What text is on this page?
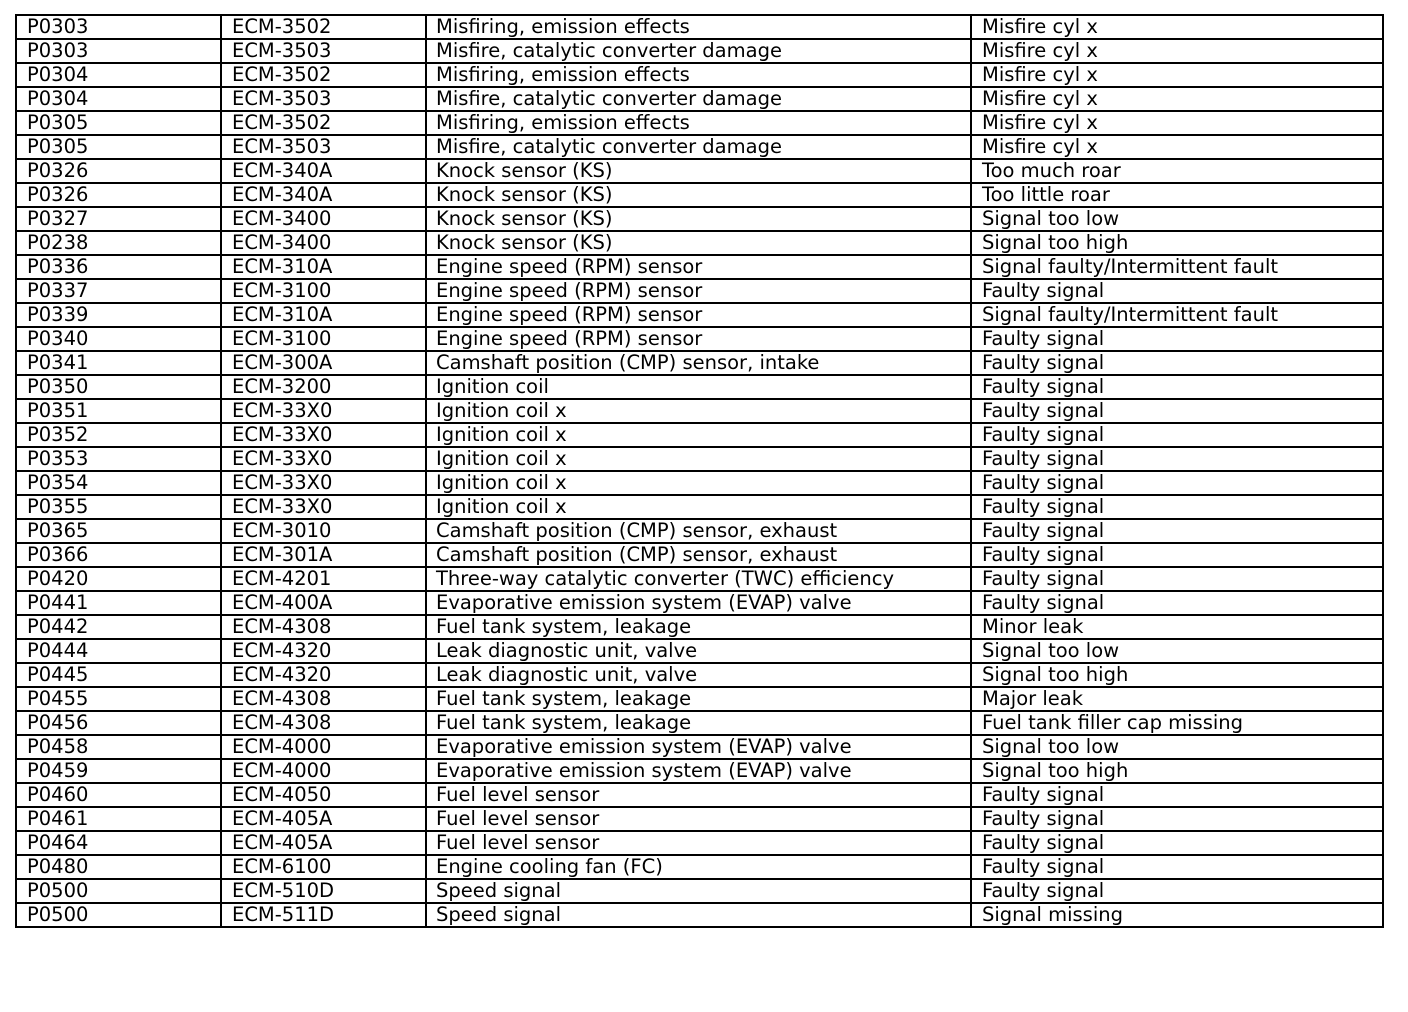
P0303	ECM-3502	Misfiring, emission effects	Misfire cyl x
P0303	ECM-3503	Misfire, catalytic converter damage	Misfire cyl x
P0304	ECM-3502	Misfiring, emission effects	Misfire cyl x
P0304	ECM-3503	Misfire, catalytic converter damage	Misfire cyl x
P0305	ECM-3502	Misfiring, emission effects	Misfire cyl x
P0305	ECM-3503	Misfire, catalytic converter damage	Misfire cyl x
P0326	ECM-340A	Knock sensor (KS)	Too much roar
P0326	ECM-340A	Knock sensor (KS)	Too little roar
P0327	ECM-3400	Knock sensor (KS)	Signal too low
P0238	ECM-3400	Knock sensor (KS)	Signal too high
P0336	ECM-310A	Engine speed (RPM) sensor	Signal faulty/Intermittent fault
P0337	ECM-3100	Engine speed (RPM) sensor	Faulty signal
P0339	ECM-310A	Engine speed (RPM) sensor	Signal faulty/Intermittent fault
P0340	ECM-3100	Engine speed (RPM) sensor	Faulty signal
P0341	ECM-300A	Camshaft position (CMP) sensor, intake	Faulty signal
P0350	ECM-3200	Ignition coil	Faulty signal
P0351	ECM-33X0	Ignition coil x	Faulty signal
P0352	ECM-33X0	Ignition coil x	Faulty signal
P0353	ECM-33X0	Ignition coil x	Faulty signal
P0354	ECM-33X0	Ignition coil x	Faulty signal
P0355	ECM-33X0	Ignition coil x	Faulty signal
P0365	ECM-3010	Camshaft position (CMP) sensor, exhaust	Faulty signal
P0366	ECM-301A	Camshaft position (CMP) sensor, exhaust	Faulty signal
P0420	ECM-4201	Three-way catalytic converter (TWC) efficiency	Faulty signal
P0441	ECM-400A	Evaporative emission system (EVAP) valve	Faulty signal
P0442	ECM-4308	Fuel tank system, leakage	Minor leak
P0444	ECM-4320	Leak diagnostic unit, valve	Signal too low
P0445	ECM-4320	Leak diagnostic unit, valve	Signal too high
P0455	ECM-4308	Fuel tank system, leakage	Major leak
P0456	ECM-4308	Fuel tank system, leakage	Fuel tank filler cap missing
P0458	ECM-4000	Evaporative emission system (EVAP) valve	Signal too low
P0459	ECM-4000	Evaporative emission system (EVAP) valve	Signal too high
P0460	ECM-4050	Fuel level sensor	Faulty signal
P0461	ECM-405A	Fuel level sensor	Faulty signal
P0464	ECM-405A	Fuel level sensor	Faulty signal
P0480	ECM-6100	Engine cooling fan (FC)	Faulty signal
P0500	ECM-510D	Speed signal	Faulty signal
P0500	ECM-511D	Speed signal	Signal missing
